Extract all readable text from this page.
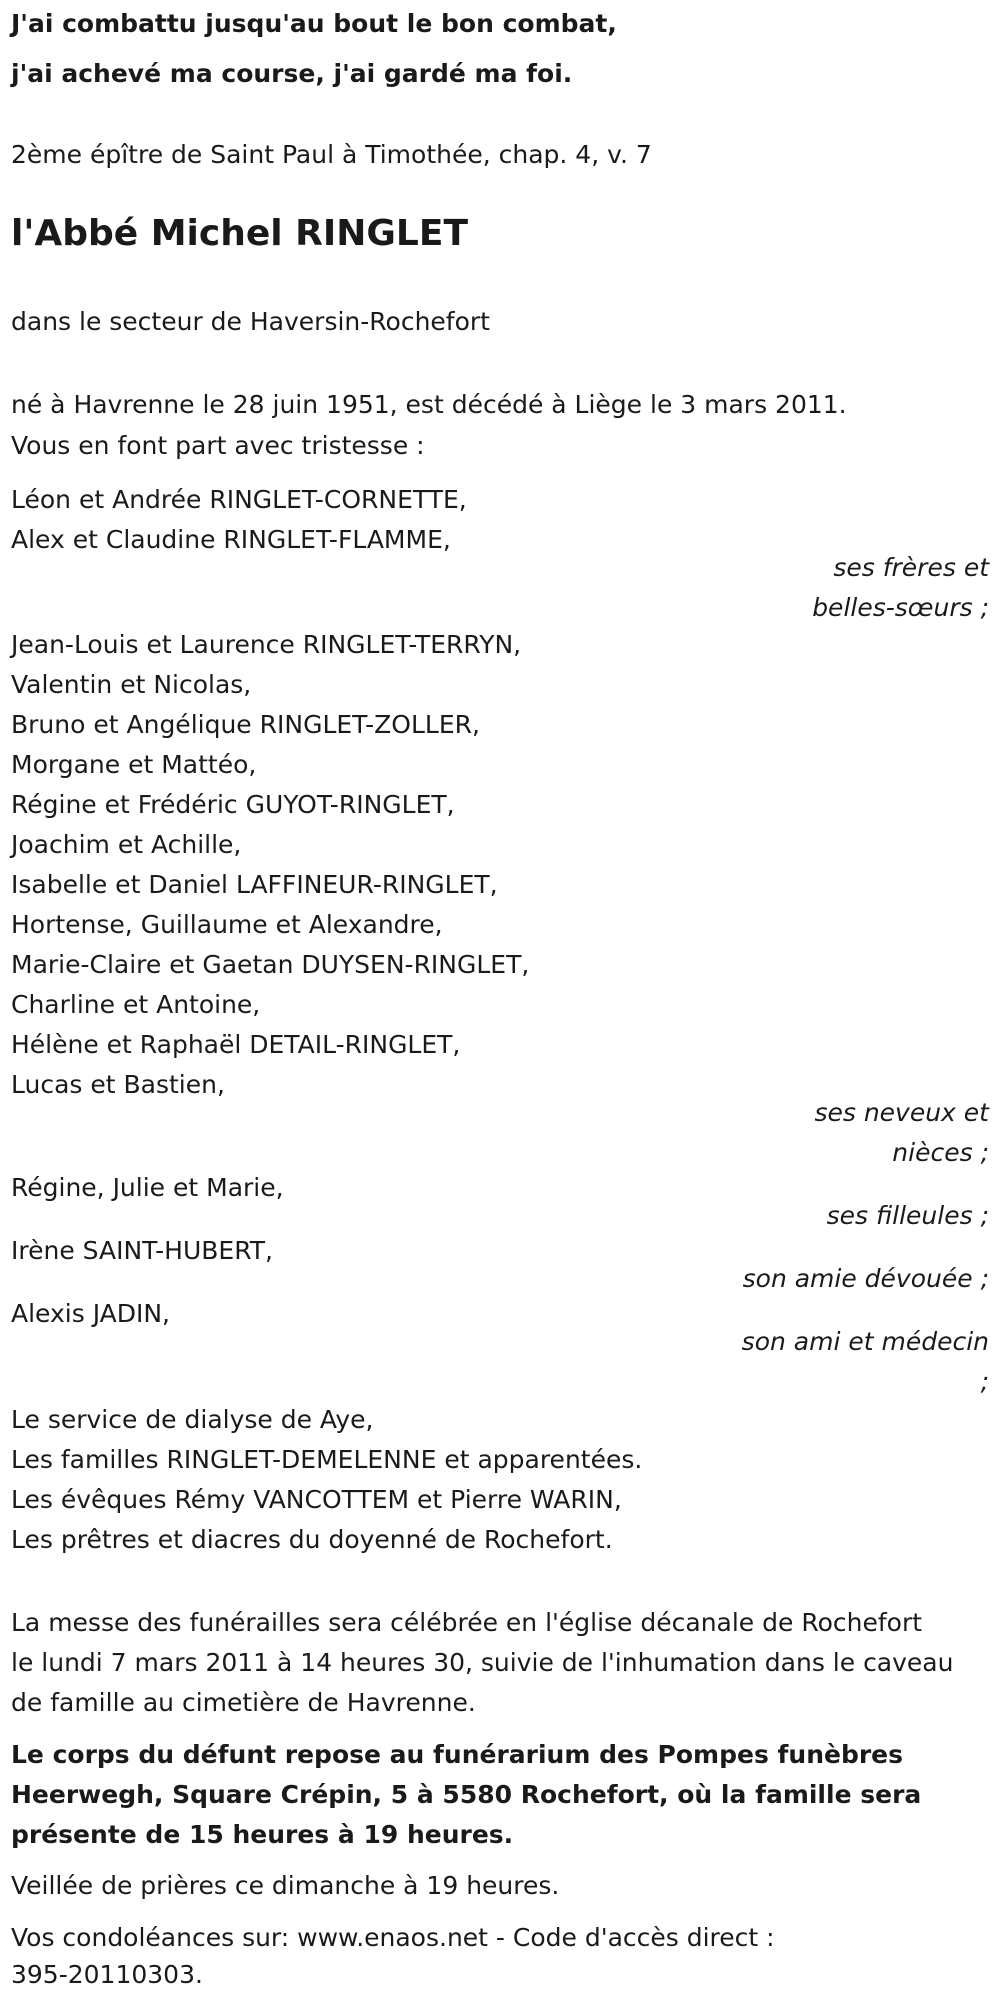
J'ai combattu jusqu'au bout le bon combat,
j'ai achevé ma course, j'ai gardé ma foi.
2ème épître de Saint Paul à Timothée, chap. 4, v. 7
l'Abbé Michel RINGLET
dans le secteur de Haversin-Rochefort
né à Havrenne le 28 juin 1951, est décédé à Liège le 3 mars 2011.
Vous en font part avec tristesse :
Léon et Andrée RINGLET-CORNETTE,
Alex et Claudine RINGLET-FLAMME,
Jean-Louis et Laurence RINGLET-TERRYN,
Valentin et Nicolas,
Bruno et Angélique RINGLET-ZOLLER,
Morgane et Mattéo,
Régine et Frédéric GUYOT-RINGLET,
Joachim et Achille,
Isabelle et Daniel LAFFINEUR-RINGLET,
Hortense, Guillaume et Alexandre,
Marie-Claire et Gaetan DUYSEN-RINGLET,
Charline et Antoine,
Hélène et Raphaël DETAIL-RINGLET,
Lucas et Bastien,
Régine, Julie et Marie,
Irène SAINT-HUBERT,
Alexis JADIN,
Le service de dialyse de Aye,
Les familles RINGLET-DEMELENNE et apparentées.
Les évêques Rémy VANCOTTEM et Pierre WARIN,
Les prêtres et diacres du doyenné de Rochefort.
La messe des funérailles sera célébrée en l'église décanale de Rochefort
le lundi 7 mars 2011 à 14 heures 30, suivie de l'inhumation dans le caveau
de famille au cimetière de Havrenne.
Le corps du défunt repose au funérarium des Pompes funèbres
Heerwegh, Square Crépin, 5 à 5580 Rochefort, où la famille sera
présente de 15 heures à 19 heures.
Veillée de prières ce dimanche à 19 heures.
Vos condoléances sur: www.enaos.net - Code d'accès direct :
395-20110303.
ses frères et
belles-sœurs ;
ses neveux et
nièces ;
ses filleules ;
son amie dévouée ;
son ami et médecin
;
